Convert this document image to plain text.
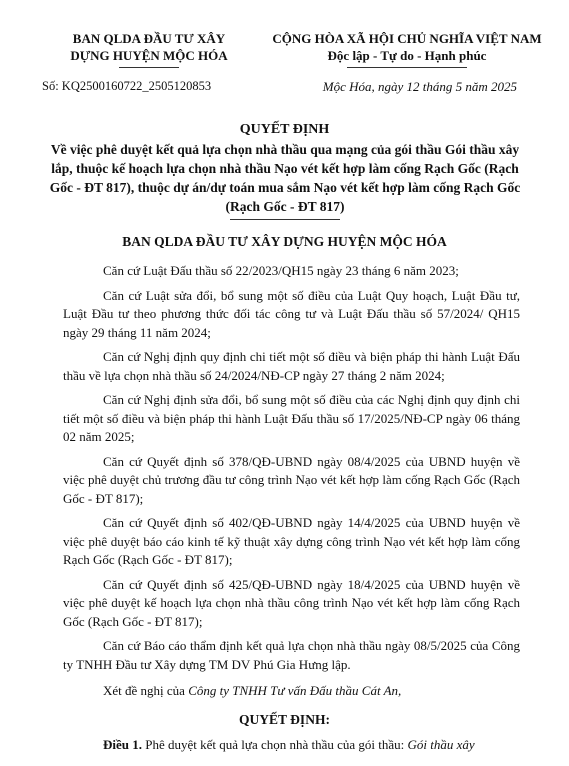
BAN QLDA ĐẦU TƯ XÂY
DỰNG HUYỆN MỘC HÓA
CỘNG HÒA XÃ HỘI CHỦ NGHĨA VIỆT NAM
Độc lập - Tự do - Hạnh phúc
Số: KQ2500160722_2505120853	Mộc Hóa, ngày 12 tháng 5 năm 2025
QUYẾT ĐỊNH
Về việc phê duyệt kết quả lựa chọn nhà thầu qua mạng của gói thầu Gói thầu xây lắp, thuộc kế hoạch lựa chọn nhà thầu Nạo vét kết hợp làm cống Rạch Gốc (Rạch Gốc - ĐT 817), thuộc dự án/dự toán mua sắm Nạo vét kết hợp làm cống Rạch Gốc (Rạch Gốc - ĐT 817)
BAN QLDA ĐẦU TƯ XÂY DỰNG HUYỆN MỘC HÓA

Căn cứ Luật Đấu thầu số 22/2023/QH15 ngày 23 tháng 6 năm 2023;

Căn cứ Luật sửa đổi, bổ sung một số điều của Luật Quy hoạch, Luật Đầu tư, Luật Đầu tư theo phương thức đối tác công tư và Luật Đấu thầu số 57/2024/ QH15 ngày 29 tháng 11 năm 2024;

Căn cứ Nghị định quy định chi tiết một số điều và biện pháp thi hành Luật Đấu thầu về lựa chọn nhà thầu số 24/2024/NĐ-CP ngày 27 tháng 2 năm 2024;

Căn cứ Nghị định sửa đổi, bổ sung một số điều của các Nghị định quy định chi tiết một số điều và biện pháp thi hành Luật Đấu thầu số 17/2025/NĐ-CP ngày 06 tháng 02 năm 2025;

Căn cứ Quyết định số 378/QĐ-UBND ngày 08/4/2025 của UBND huyện về việc phê duyệt chủ trương đầu tư công trình Nạo vét kết hợp làm cống Rạch Gốc (Rạch Gốc - ĐT 817);

Căn cứ Quyết định số 402/QĐ-UBND ngày 14/4/2025 của UBND huyện về việc phê duyệt báo cáo kinh tế kỹ thuật xây dựng công trình Nạo vét kết hợp làm cống Rạch Gốc (Rạch Gốc - ĐT 817);

Căn cứ Quyết định số 425/QĐ-UBND ngày 18/4/2025 của UBND huyện về việc phê duyệt kế hoạch lựa chọn nhà thầu công trình Nạo vét kết hợp làm cống Rạch Gốc (Rạch Gốc - ĐT 817);

Căn cứ Báo cáo thẩm định kết quả lựa chọn nhà thầu ngày 08/5/2025 của Công ty TNHH Đầu tư Xây dựng TM DV Phú Gia Hưng lập.

Xét đề nghị của Công ty TNHH Tư vấn Đấu thầu Cát An,

QUYẾT ĐỊNH:
Điều 1. Phê duyệt kết quả lựa chọn nhà thầu của gói thầu: Gói thầu xây
